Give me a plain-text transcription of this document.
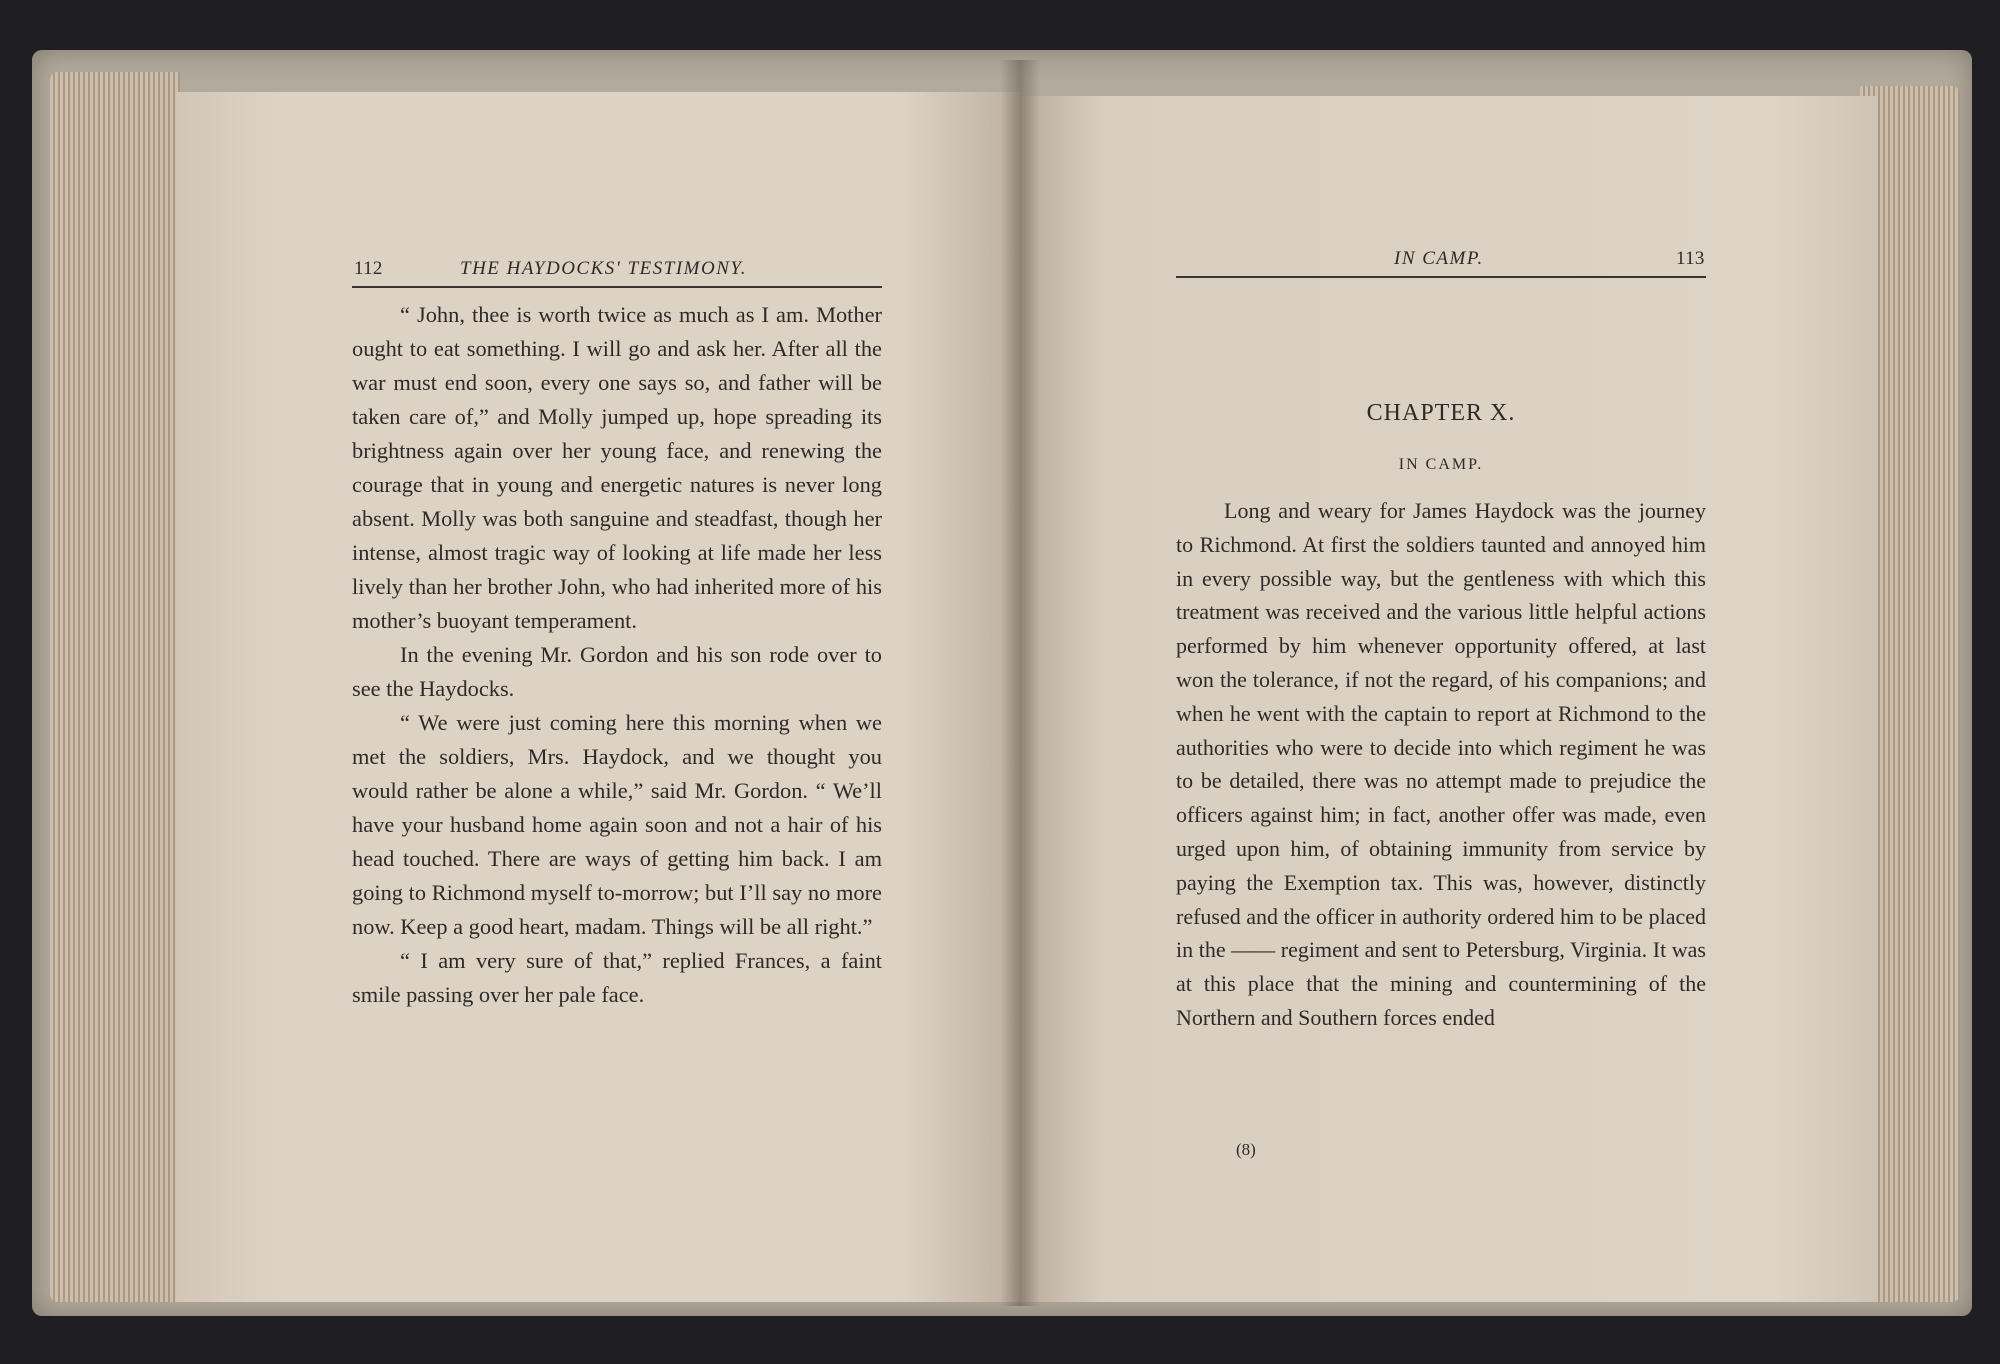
112	THE HAYDOCKS' TESTIMONY.

“ John, thee is worth twice as much as I am. Mother ought to eat something. I will go and ask her. After all the war must end soon, every one says so, and father will be taken care of,” and Molly jumped up, hope spreading its brightness again over her young face, and renewing the courage that in young and energetic natures is never long absent. Molly was both sanguine and steadfast, though her intense, almost tragic way of looking at life made her less lively than her brother John, who had inherited more of his mother’s buoyant temperament.

In the evening Mr. Gordon and his son rode over to see the Haydocks.

“ We were just coming here this morning when we met the soldiers, Mrs. Haydock, and we thought you would rather be alone a while,” said Mr. Gordon. “ We’ll have your husband home again soon and not a hair of his head touched. There are ways of getting him back. I am going to Richmond myself to-morrow; but I’ll say no more now. Keep a good heart, madam. Things will be all right.”

“ I am very sure of that,” replied Frances, a faint smile passing over her pale face.

IN CAMP.	113
CHAPTER X.
IN CAMP.

Long and weary for James Haydock was the journey to Richmond. At first the soldiers taunted and annoyed him in every possible way, but the gentleness with which this treatment was received and the various little helpful actions performed by him whenever opportunity offered, at last won the tolerance, if not the regard, of his companions; and when he went with the captain to report at Richmond to the authorities who were to decide into which regiment he was to be detailed, there was no attempt made to prejudice the officers against him; in fact, another offer was made, even urged upon him, of obtaining immunity from service by paying the Exemption tax. This was, however, distinctly refused and the officer in authority ordered him to be placed in the —— regiment and sent to Petersburg, Virginia. It was at this place that the mining and countermining of the Northern and Southern forces ended

(8)
